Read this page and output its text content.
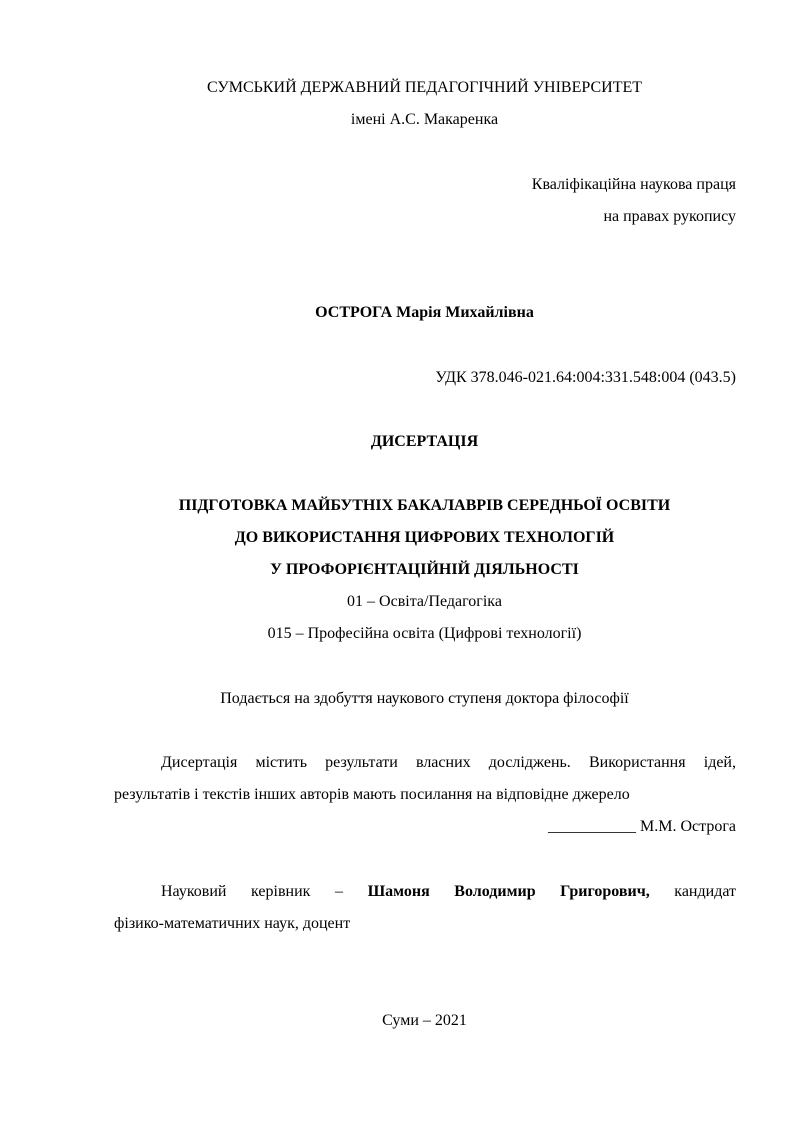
СУМСЬКИЙ ДЕРЖАВНИЙ ПЕДАГОГІЧНИЙ УНІВЕРСИТЕТ
імені А.С. Макаренка
Кваліфікаційна наукова праця
на правах рукопису
ОСТРОГА Марія Михайлівна
УДК 378.046-021.64:004:331.548:004 (043.5)
ДИСЕРТАЦІЯ
ПІДГОТОВКА МАЙБУТНІХ БАКАЛАВРІВ СЕРЕДНЬОЇ ОСВІТИ
ДО ВИКОРИСТАННЯ ЦИФРОВИХ ТЕХНОЛОГІЙ
У ПРОФОРІЄНТАЦІЙНІЙ ДІЯЛЬНОСТІ
01 – Освіта/Педагогіка
015 – Професійна освіта (Цифрові технології)
Подається на здобуття наукового ступеня доктора філософії
Дисертація містить результати власних досліджень. Використання ідей,
результатів і текстів інших авторів мають посилання на відповідне джерело
___________ М.М. Острога
Науковий керівник – Шамоня Володимир Григорович, кандидат
фізико-математичних наук, доцент
Суми – 2021
